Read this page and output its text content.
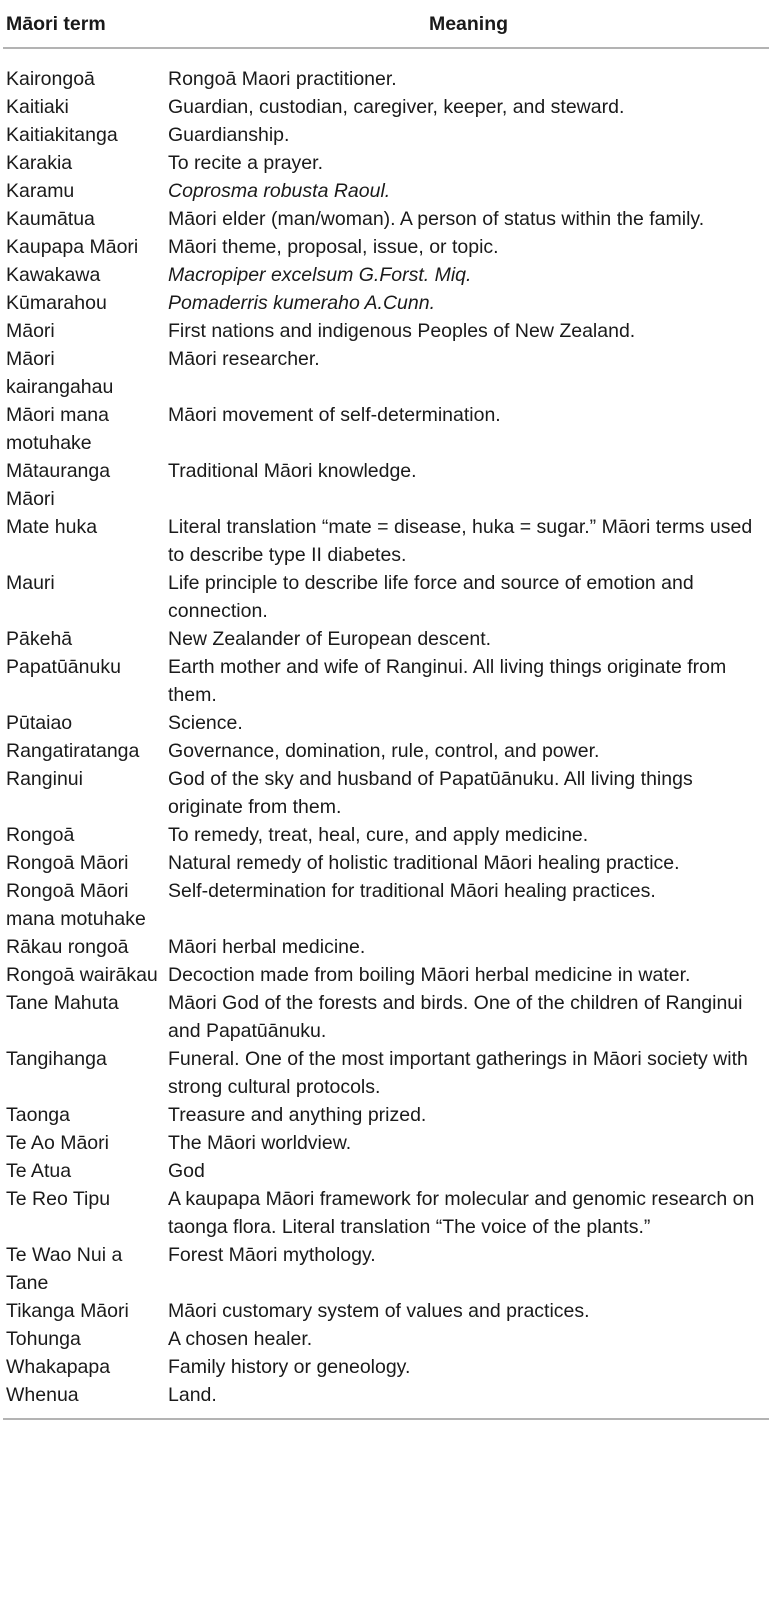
Māori term	Meaning
Kairongoā	Rongoā Maori practitioner.
Kaitiaki	Guardian, custodian, caregiver, keeper, and steward.
Kaitiakitanga	Guardianship.
Karakia	To recite a prayer.
Karamu	Coprosma robusta Raoul.
Kaumātua	Māori elder (man/woman). A person of status within the family.
Kaupapa Māori	Māori theme, proposal, issue, or topic.
Kawakawa	Macropiper excelsum G.Forst. Miq.
Kūmarahou	Pomaderris kumeraho A.Cunn.
Māori	First nations and indigenous Peoples of New Zealand.
Māori kairangahau	Māori researcher.
Māori mana motuhake	Māori movement of self-determination.
Mātauranga Māori	Traditional Māori knowledge.
Mate huka	Literal translation “mate = disease, huka = sugar.” Māori terms used to describe type II diabetes.
Mauri	Life principle to describe life force and source of emotion and connection.
Pākehā	New Zealander of European descent.
Papatūānuku	Earth mother and wife of Ranginui. All living things originate from them.
Pūtaiao	Science.
Rangatiratanga	Governance, domination, rule, control, and power.
Ranginui	God of the sky and husband of Papatūānuku. All living things originate from them.
Rongoā	To remedy, treat, heal, cure, and apply medicine.
Rongoā Māori	Natural remedy of holistic traditional Māori healing practice.
Rongoā Māori mana motuhake	Self-determination for traditional Māori healing practices.
Rākau rongoā	Māori herbal medicine.
Rongoā wairākau	Decoction made from boiling Māori herbal medicine in water.
Tane Mahuta	Māori God of the forests and birds. One of the children of Ranginui and Papatūānuku.
Tangihanga	Funeral. One of the most important gatherings in Māori society with strong cultural protocols.
Taonga	Treasure and anything prized.
Te Ao Māori	The Māori worldview.
Te Atua	God
Te Reo Tipu	A kaupapa Māori framework for molecular and genomic research on taonga flora. Literal translation “The voice of the plants.”
Te Wao Nui a Tane	Forest Māori mythology.
Tikanga Māori	Māori customary system of values and practices.
Tohunga	A chosen healer.
Whakapapa	Family history or geneology.
Whenua	Land.
